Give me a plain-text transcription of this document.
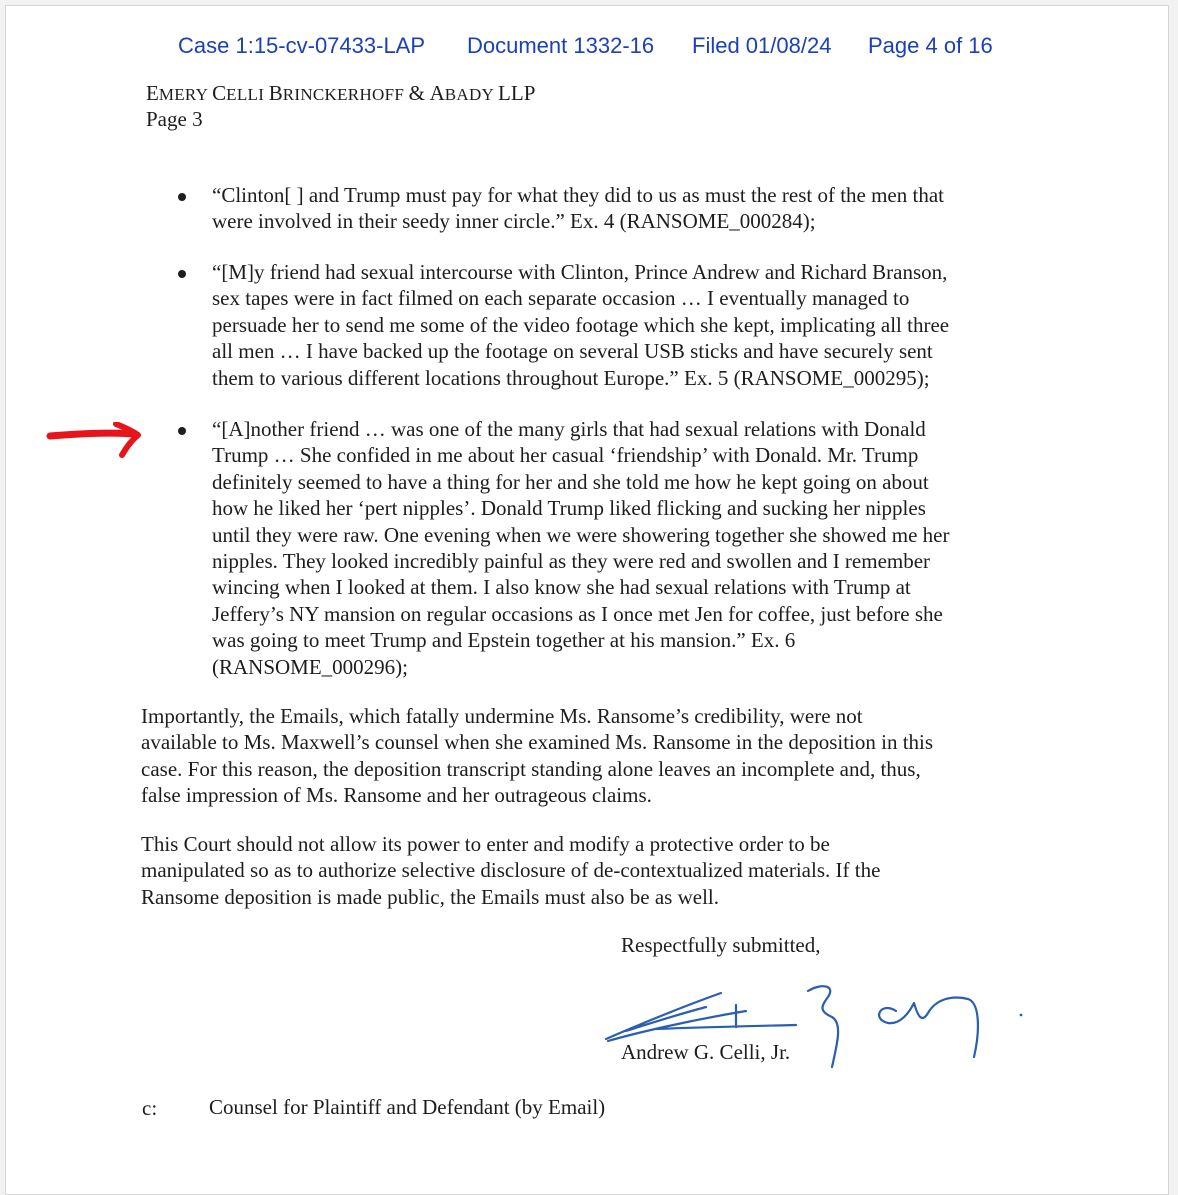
Case 1:15-cv-07433-LAP Document 1332-16 Filed 01/08/24 Page 4 of 16
EMERY CELLI BRINCKERHOFF & ABADY LLP
Page 3
“Clinton[ ] and Trump must pay for what they did to us as must the rest of the men that
were involved in their seedy inner circle.” Ex. 4 (RANSOME_000284);
“[M]y friend had sexual intercourse with Clinton, Prince Andrew and Richard Branson,
sex tapes were in fact filmed on each separate occasion … I eventually managed to
persuade her to send me some of the video footage which she kept, implicating all three
all men … I have backed up the footage on several USB sticks and have securely sent
them to various different locations throughout Europe.” Ex. 5 (RANSOME_000295);
“[A]nother friend … was one of the many girls that had sexual relations with Donald
Trump … She confided in me about her casual ‘friendship’ with Donald. Mr. Trump
definitely seemed to have a thing for her and she told me how he kept going on about
how he liked her ‘pert nipples’. Donald Trump liked flicking and sucking her nipples
until they were raw. One evening when we were showering together she showed me her
nipples. They looked incredibly painful as they were red and swollen and I remember
wincing when I looked at them. I also know she had sexual relations with Trump at
Jeffery’s NY mansion on regular occasions as I once met Jen for coffee, just before she
was going to meet Trump and Epstein together at his mansion.” Ex. 6
(RANSOME_000296);
Importantly, the Emails, which fatally undermine Ms. Ransome’s credibility, were not
available to Ms. Maxwell’s counsel when she examined Ms. Ransome in the deposition in this
case. For this reason, the deposition transcript standing alone leaves an incomplete and, thus,
false impression of Ms. Ransome and her outrageous claims.
This Court should not allow its power to enter and modify a protective order to be
manipulated so as to authorize selective disclosure of de-contextualized materials. If the
Ransome deposition is made public, the Emails must also be as well.
Respectfully submitted,
Andrew G. Celli, Jr.
c: Counsel for Plaintiff and Defendant (by Email)
